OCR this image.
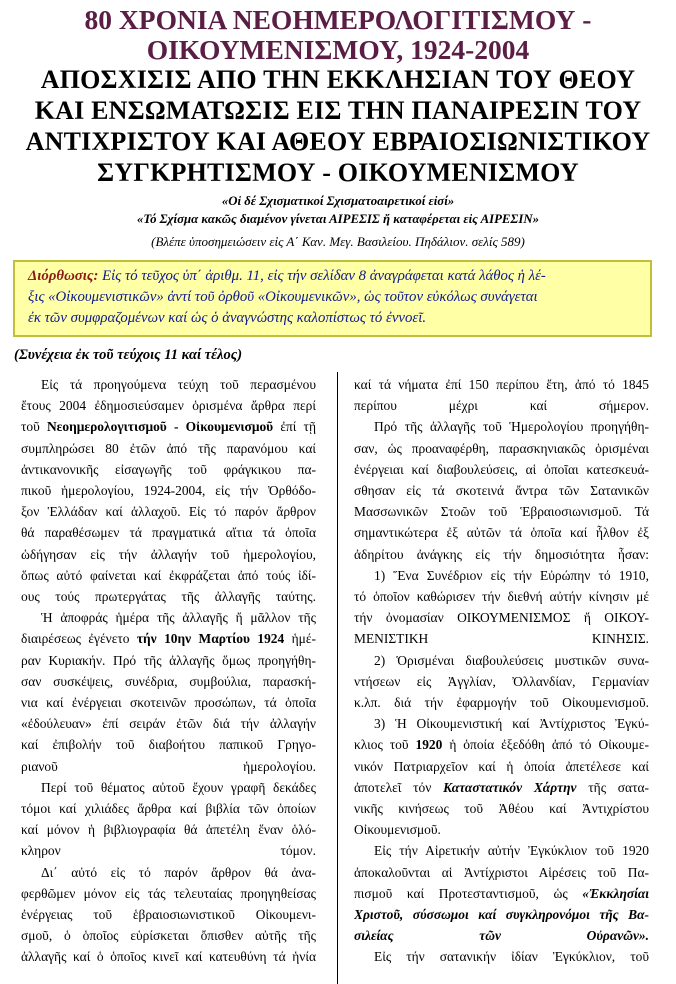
80 ΧΡΟΝΙΑ ΝΕΟΗΜΕΡΟΛΟΓΙΤΙΣΜΟΥ -
ΟΙΚΟΥΜΕΝΙΣΜΟΥ, 1924-2004
ΑΠΟΣΧΙΣΙΣ ΑΠΟ ΤΗΝ ΕΚΚΛΗΣΙΑΝ ΤΟΥ ΘΕΟΥ
ΚΑΙ ΕΝΣΩΜΑΤΩΣΙΣ ΕΙΣ ΤΗΝ ΠΑΝΑΙΡΕΣΙΝ ΤΟΥ
ΑΝΤΙΧΡΙΣΤΟΥ ΚΑΙ ΑΘΕΟΥ ΕΒΡΑΙΟΣΙΩΝΙΣΤΙΚΟΥ
ΣΥΓΚΡΗΤΙΣΜΟΥ - ΟΙΚΟΥΜΕΝΙΣΜΟΥ
«Οἱ δέ Σχισματικοί Σχισματοαιρετικοί εἰσί»
«Τό Σχίσμα κακῶς διαμένον γίνεται ΑΙΡΕΣΙΣ ἤ καταφέρεται εἰς ΑΙΡΕΣΙΝ»
(Βλέπε ὑποσημειώσειν εἰς Α΄ Καν. Μεγ. Βασιλείου. Πηδάλιον. σελίς 589)
Διόρθωσις: Εἰς τό τεῦχος ὑπ΄ ἀριθμ. 11, εἰς τήν σελίδαν 8 ἀναγράφεται κατά λάθος ἡ λέ-
ξις «Οἰκουμενιστικῶν» ἀντί τοῦ ὀρθοῦ «Οἰκουμενικῶν», ὡς τοῦτον εὐκόλως συνάγεται
ἐκ τῶν συμφραζομένων καί ὡς ὁ ἀναγνώστης καλοπίστως τό ἐννοεῖ.
(Συνέχεια ἐκ τοῦ τεύχοις 11 καί τέλος)
Εἰς τά προηγούμενα τεύχη τοῦ περασμένου
ἔτους 2004 ἐδημοσιεύσαμεν ὁρισμένα ἄρθρα περί
τοῦ Νεοημερολογιτισμοῦ - Οἰκουμενισμοῦ ἐπί τῇ
συμπληρώσει 80 ἐτῶν ἀπό τῆς παρανόμου καί
ἀντικανονικῆς εἰσαγωγῆς τοῦ φράγκικου πα-
πικοῦ ἡμερολογίου, 1924-2004, εἰς τήν Ὀρθόδο-
ξον Ἑλλάδαν καί ἀλλαχοῦ. Εἰς τό παρόν ἄρθρον
θά παραθέσωμεν τά πραγματικά αἴτια τά ὁποῖα
ὡδήγησαν εἰς τήν ἀλλαγήν τοῦ ἡμερολογίου,
ὅπως αὐτό φαίνεται καί ἐκφράζεται ἀπό τούς ἰδί-
ους τούς πρωτεργάτας τῆς ἀλλαγῆς ταύτης.
Ἡ ἀποφράς ἡμέρα τῆς ἀλλαγῆς ἤ μᾶλλον τῆς
διαιρέσεως ἐγένετο τήν 10ην Μαρτίου 1924 ἡμέ-
ραν Κυριακήν. Πρό τῆς ἀλλαγῆς ὅμως προηγήθη-
σαν συσκέψεις, συνέδρια, συμβούλια, παρασκή-
νια καί ἐνέργειαι σκοτεινῶν προσώπων, τά ὁποῖα
«ἐδούλευαν» ἐπί σειράν ἐτῶν διά τήν ἀλλαγήν
καί ἐπιβολήν τοῦ διαβοήτου παπικοῦ Γρηγο-
ριανοῦ ἡμερολογίου.
Περί τοῦ θέματος αὐτοῦ ἔχουν γραφῆ δεκάδες
τόμοι καί χιλιάδες ἄρθρα καί βιβλία τῶν ὁποίων
καί μόνον ἡ βιβλιογραφία θά ἀπετέλη ἕναν ὁλό-
κληρον τόμον.
Δι΄ αὐτό εἰς τό παρόν ἄρθρον θά ἀνα-
φερθῶμεν μόνον εἰς τάς τελευταίας προηγηθείσας
ἐνέργειας τοῦ ἑβραιοσιωνιστικοῦ Οἰκουμενι-
σμοῦ, ὁ ὁποῖος εὑρίσκεται ὄπισθεν αὐτῆς τῆς
ἀλλαγῆς καί ὁ ὁποῖος κινεῖ καί κατευθύνη τά ἡνία
καί τά νήματα ἐπί 150 περίπου ἔτη, ἀπό τό 1845
περίπου μέχρι καί σήμερον.
Πρό τῆς ἀλλαγῆς τοῦ Ἡμερολογίου προηγήθη-
σαν, ὡς προαναφέρθη, παρασκηνιακῶς ὁρισμέναι
ἐνέργειαι καί διαβουλεύσεις, αἱ ὁποῖαι κατεσκευά-
σθησαν εἰς τά σκοτεινά ἄντρα τῶν Σατανικῶν
Μασσωνικῶν Στοῶν τοῦ Ἑβραιοσιωνισμοῦ. Τά
σημαντικώτερα ἐξ αὐτῶν τά ὁποῖα καί ἦλθον ἐξ
ἀδηρίτου ἀνάγκης εἰς τήν δημοσιότητα ἦσαν:
1) Ἕνα Συνέδριον εἰς τήν Εὐρώπην τό 1910,
τό ὁποῖον καθώρισεν τήν διεθνή αὐτήν κίνησιν μέ
τήν ὀνομασίαν ΟΙΚΟΥΜΕΝΙΣΜΟΣ ἤ ΟΙΚΟΥ-
ΜΕΝΙΣΤΙΚΗ ΚΙΝΗΣΙΣ.
2) Ὁρισμέναι διαβουλεύσεις μυστικῶν συνα-
ντήσεων εἰς Ἀγγλίαν, Ὀλλανδίαν, Γερμανίαν
κ.λπ. διά τήν ἐφαρμογήν τοῦ Οἰκουμενισμοῦ.
3) Ἡ Οἰκουμενιστική καί Ἀντίχριστος Ἐγκύ-
κλιος τοῦ 1920 ἡ ὁποία ἐξεδόθη ἀπό τό Οἰκουμε-
νικόν Πατριαρχεῖον καί ἡ ὁποία ἀπετέλεσε καί
ἀποτελεῖ τόν Καταστατικόν Χάρτην τῆς σατα-
νικῆς κινήσεως τοῦ Ἀθέου καί Ἀντιχρίστου
Οἰκουμενισμοῦ.
Εἰς τήν Αἱρετικήν αὐτήν Ἐγκύκλιον τοῦ 1920
ἀποκαλοῦνται αἱ Ἀντίχριστοι Αἱρέσεις τοῦ Πα-
πισμοῦ καί Προτεσταντισμοῦ, ὡς «Ἐκκλησίαι
Χριστοῦ, σύσσωμοι καί συγκληρονόμοι τῆς Βα-
σιλείας τῶν Οὐρανῶν».
Εἰς τήν σατανικήν ἰδίαν Ἐγκύκλιον, τοῦ
